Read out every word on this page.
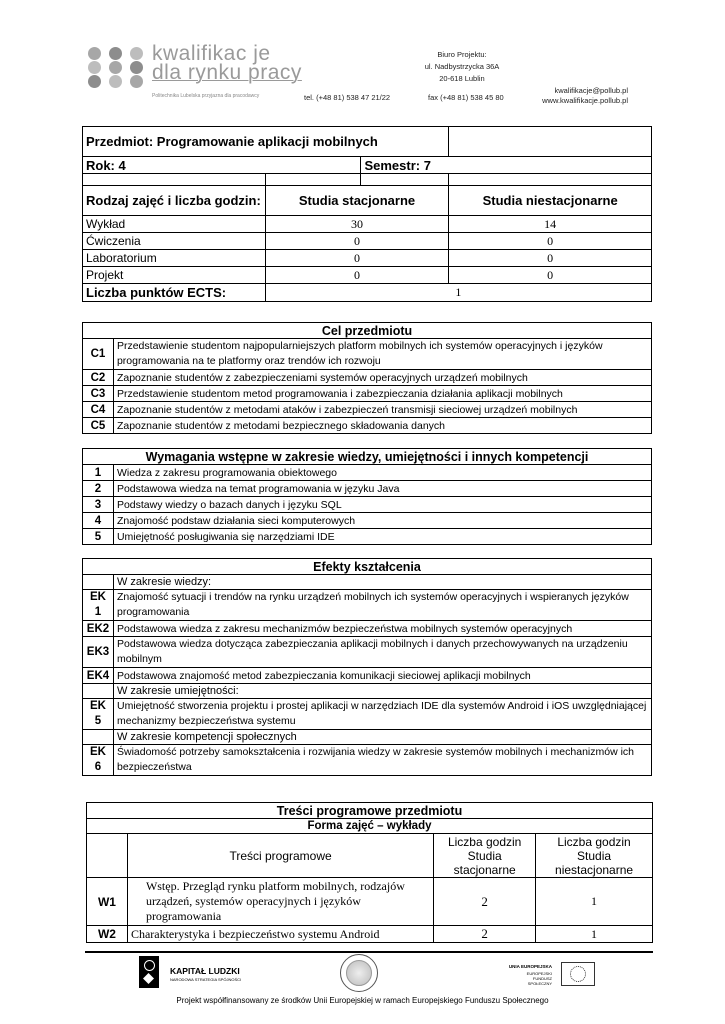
kwalifikac je
dla rynku pracy
Politechnika Lubelska przyjazna dla pracodawcy
Biuro Projektu:
ul. Nadbystrzycka 36A
20-618 Lublin
tel. (+48 81) 538 47 21/22	fax (+48 81) 538 45 80
kwalifikacje@pollub.pl
www.kwalifikacje.pollub.pl
Przedmiot: Programowanie aplikacji mobilnych			
Rok: 4		Semestr: 7	

Rodzaj zajęć i liczba godzin:	Studia stacjonarne		Studia niestacjonarne
Wykład	30		14
Ćwiczenia	0		0
Laboratorium	0		0
Projekt	0		0
Liczba punktów ECTS:	1		
Cel przedmiotu	
C1	Przedstawienie studentom najpopularniejszych platform mobilnych ich systemów operacyjnych i języków programowania na te platformy oraz trendów ich rozwoju
C2	Zapoznanie studentów z zabezpieczeniami systemów operacyjnych urządzeń mobilnych
C3	Przedstawienie studentom metod programowania i zabezpieczania działania aplikacji mobilnych
C4	Zapoznanie studentów z metodami ataków i zabezpieczeń transmisji sieciowej urządzeń mobilnych
C5	Zapoznanie studentów z metodami bezpiecznego składowania danych
Wymagania wstępne w zakresie wiedzy, umiejętności i innych kompetencji	
1	Wiedza z zakresu programowania obiektowego
2	Podstawowa wiedza na temat programowania w języku Java
3	Podstawy wiedzy o bazach danych i języku SQL
4	Znajomość podstaw działania sieci komputerowych
5	Umiejętność posługiwania się narzędziami IDE
Efekty kształcenia	
	W zakresie wiedzy:
EK 1	Znajomość sytuacji i trendów na rynku urządzeń mobilnych ich systemów operacyjnych i wspieranych języków programowania
EK2	Podstawowa wiedza z zakresu mechanizmów bezpieczeństwa mobilnych systemów operacyjnych
EK3	Podstawowa wiedza dotycząca zabezpieczania aplikacji mobilnych i danych przechowywanych na urządzeniu mobilnym
EK4	Podstawowa znajomość metod zabezpieczania komunikacji sieciowej aplikacji mobilnych
	W zakresie umiejętności:
EK 5	Umiejętność stworzenia projektu i prostej aplikacji w narzędziach IDE dla systemów Android i iOS uwzględniającej mechanizmy bezpieczeństwa systemu
	W zakresie kompetencji społecznych
EK 6	Świadomość potrzeby samokształcenia i rozwijania wiedzy w zakresie systemów mobilnych i mechanizmów ich bezpieczeństwa
Treści programowe przedmiotu			
Forma zajęć – wykłady			
	Treści programowe	Liczba godzin Studia stacjonarne	Liczba godzin Studia niestacjonarne
W1	Wstęp. Przegląd rynku platform mobilnych, rodzajów urządzeń, systemów operacyjnych i języków programowania	2	1
W2	Charakterystyka i bezpieczeństwo systemu Android	2	1
KAPITAŁ LUDZKI
NARODOWA STRATEGIA SPÓJNOŚCI
UNIA EUROPEJSKA
EUROPEJSKI FUNDUSZ SPOŁECZNY
Projekt współfinansowany ze środków Unii Europejskiej w ramach Europejskiego Funduszu Społecznego
